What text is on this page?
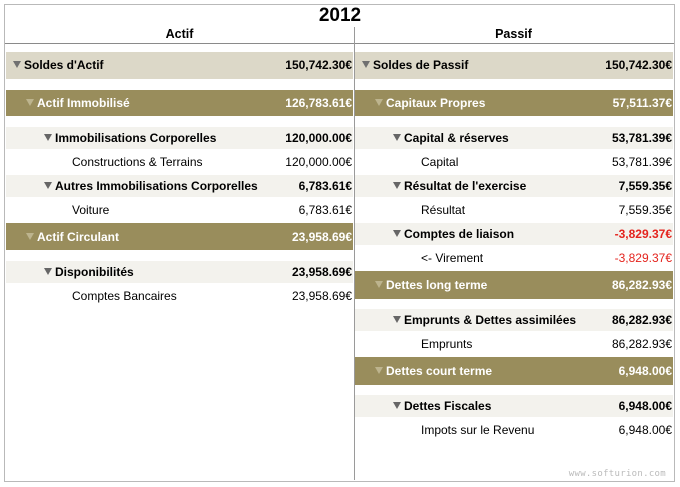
2012
Actif	Passif
Soldes d'Actif	150,742.30€
Actif Immobilisé	126,783.61€
Immobilisations Corporelles	120,000.00€
Constructions & Terrains	120,000.00€
Autres Immobilisations Corporelles	6,783.61€
Voiture	6,783.61€
Actif Circulant	23,958.69€
Disponibilités	23,958.69€
Comptes Bancaires	23,958.69€
Soldes de Passif	150,742.30€
Capitaux Propres	57,511.37€
Capital & réserves	53,781.39€
Capital	53,781.39€
Résultat de l'exercise	7,559.35€
Résultat	7,559.35€
Comptes de liaison	-3,829.37€
<- Virement	-3,829.37€
Dettes long terme	86,282.93€
Emprunts & Dettes assimilées	86,282.93€
Emprunts	86,282.93€
Dettes court terme	6,948.00€
Dettes Fiscales	6,948.00€
Impots sur le Revenu	6,948.00€
www.softurion.com
